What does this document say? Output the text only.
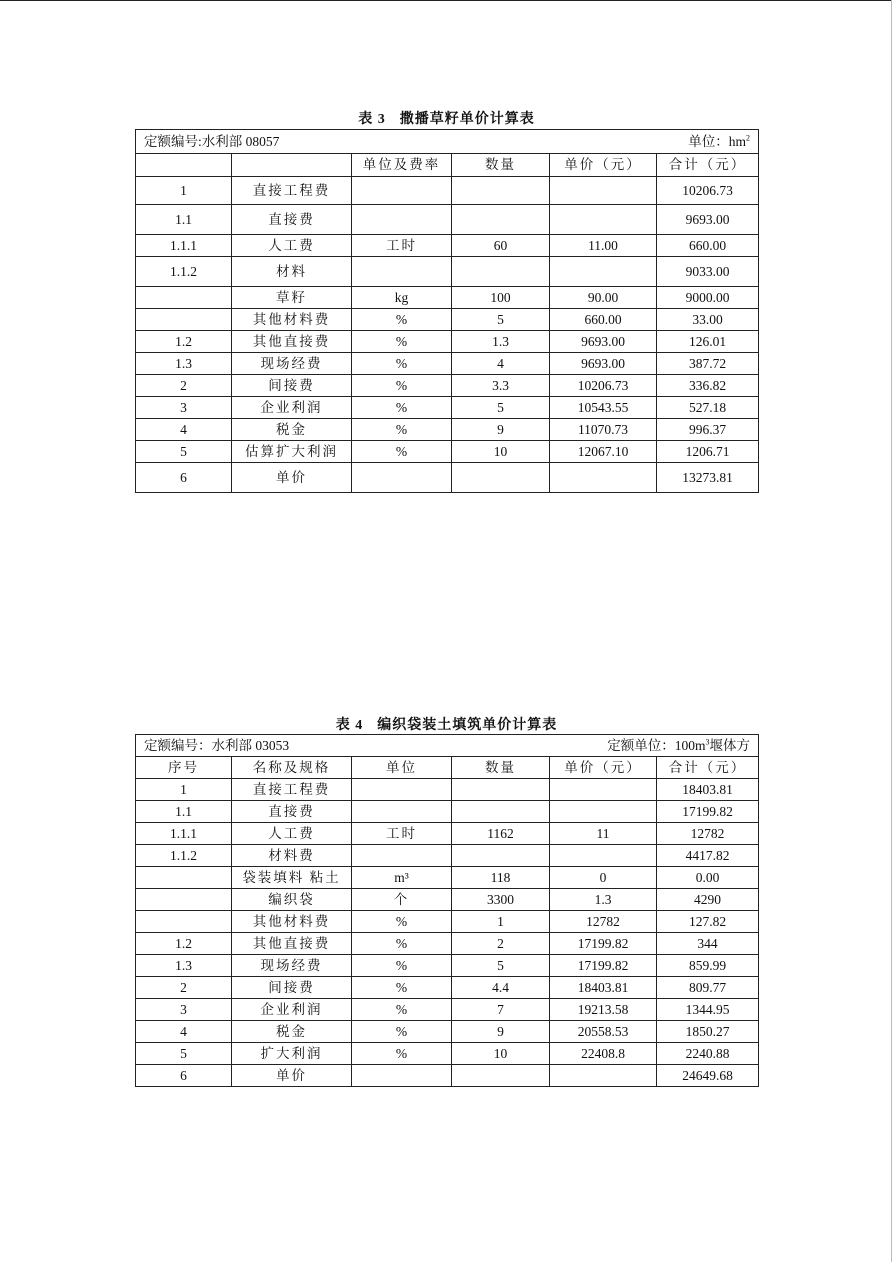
表 3 撒播草籽单价计算表
定额编号:水利部 08057 单位：$hm^2$

		单位及费率	数量	单价（元）	合计（元）
1	直接工程费				10206.73
1.1	直接费				9693.00
1.1.1	人工费	工时	60	11.00	660.00
1.1.2	材料				9033.00
	草籽	kg	100	90.00	9000.00
	其他材料费	%	5	660.00	33.00
1.2	其他直接费	%	1.3	9693.00	126.01
1.3	现场经费	%	4	9693.00	387.72
2	间接费	%	3.3	10206.73	336.82
3	企业利润	%	5	10543.55	527.18
4	税金	%	9	11070.73	996.37
5	估算扩大利润	%	10	12067.10	1206.71
6	单价				13273.81
表 4 编织袋装土填筑单价计算表
定额编号：水利部 03053 定额单位：$100m^3$堰体方					

序号	名称及规格	单位	数量	单价（元）	合计（元）
1	直接工程费				18403.81
1.1	直接费				17199.82
1.1.1	人工费	工时	1162	11	12782
1.1.2	材料费				4417.82
	袋装填料 粘土	m³	118	0	0.00
	编织袋	个	3300	1.3	4290
	其他材料费	%	1	12782	127.82
1.2	其他直接费	%	2	17199.82	344
1.3	现场经费	%	5	17199.82	859.99
2	间接费	%	4.4	18403.81	809.77
3	企业利润	%	7	19213.58	1344.95
4	税金	%	9	20558.53	1850.27
5	扩大利润	%	10	22408.8	2240.88
6	单价				24649.68
